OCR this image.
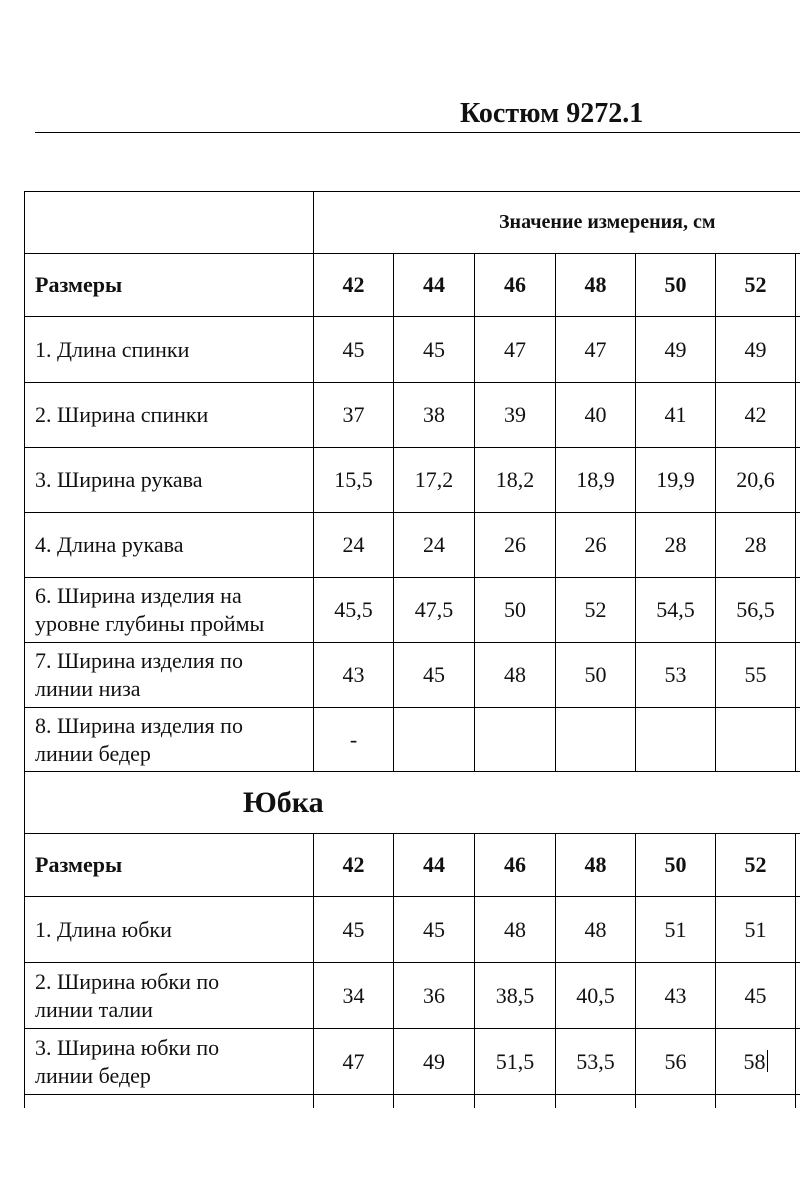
Костюм 9272.1
	Значение измерения, см						
Размеры	42	44	46	48	50	52	
1. Длина спинки	45	45	47	47	49	49	
2. Ширина спинки	37	38	39	40	41	42	
3. Ширина рукава	15,5	17,2	18,2	18,9	19,9	20,6	
4. Длина рукава	24	24	26	26	28	28	

6. Ширина изделия на
уровне глубины проймы	45,5	47,5	50	52	54,5	56,5	

7. Ширина изделия по
линии низа	43	45	48	50	53	55	

8. Ширина изделия по
линии бедер	-						
Юбка							
Размеры	42	44	46	48	50	52	
1. Длина юбки	45	45	48	48	51	51	

2. Ширина юбки по
линии талии	34	36	38,5	40,5	43	45	

3. Ширина юбки по
линии бедер	47	49	51,5	53,5	56	58	
